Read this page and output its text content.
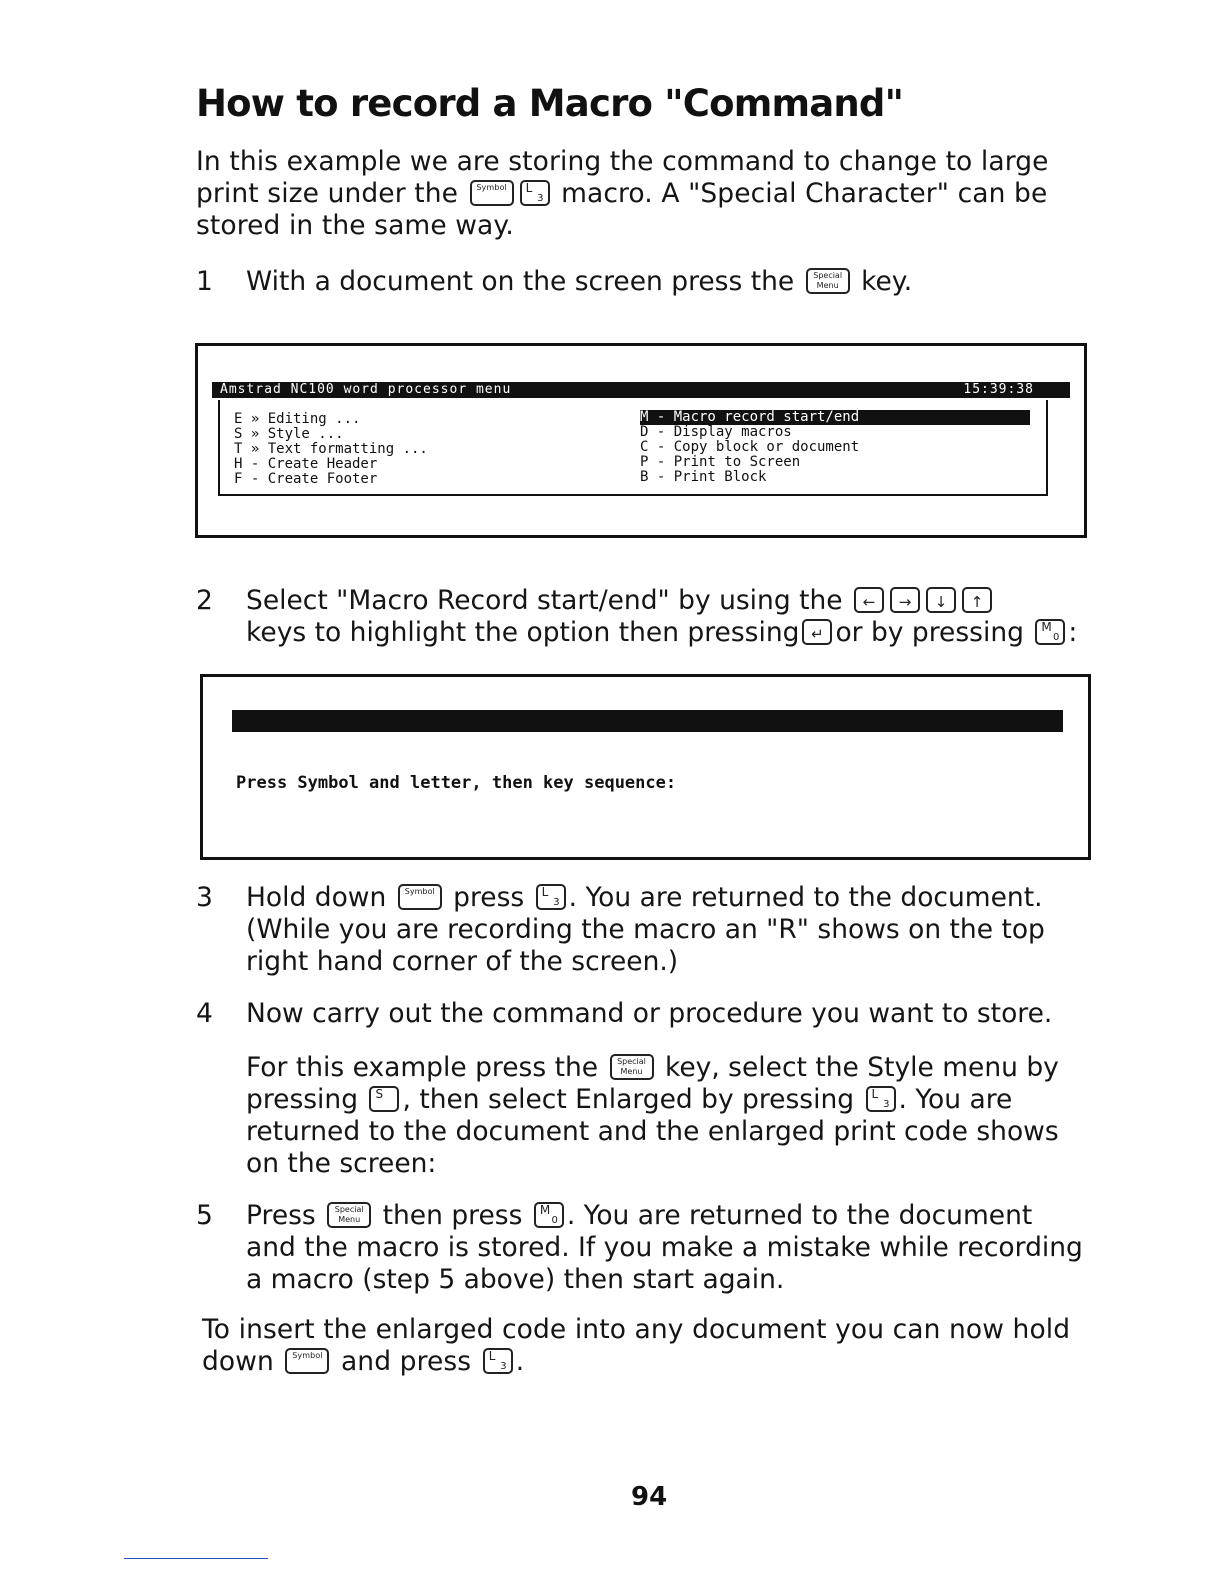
How to record a Macro "Command"

In this example we are storing the command to change to large print size under the Symbol L
3 macro. A "Special Character" can be stored in the same way.

1	With a document on the screen press the	Special
Menu key.
Amstrad NC100 word processor menu	15:39:38
E » Editing ...
S » Style ...
T » Text formatting ...
H - Create Header
F - Create Footer
M - Macro record start/end
D - Display macros
C - Copy block or document
P - Print to Screen
B - Print Block
2	Select "Macro Record start/end" by using the	←	→	↓	↑

keys to highlight the option then pressing ↵ or by pressing M
0 :

Press Symbol and letter, then key sequence:

3	Hold down Symbol press L
3 . You are returned to the document. (While you are recording the macro an "R" shows on the top right hand corner of the screen.)
4	Now carry out the command or procedure you want to store.
For this example press the	Special
Menu key, select the Style menu by pressing S , then select Enlarged by pressing L
3 . You are returned to the document and the enlarged print code shows on the screen:
5	Press	Special
Menu then press M
0 . You are returned to the document and the macro is stored. If you make a mistake while recording a macro (step 5 above) then start again.

To insert the enlarged code into any document you can now hold down Symbol and press L
3 .

94
